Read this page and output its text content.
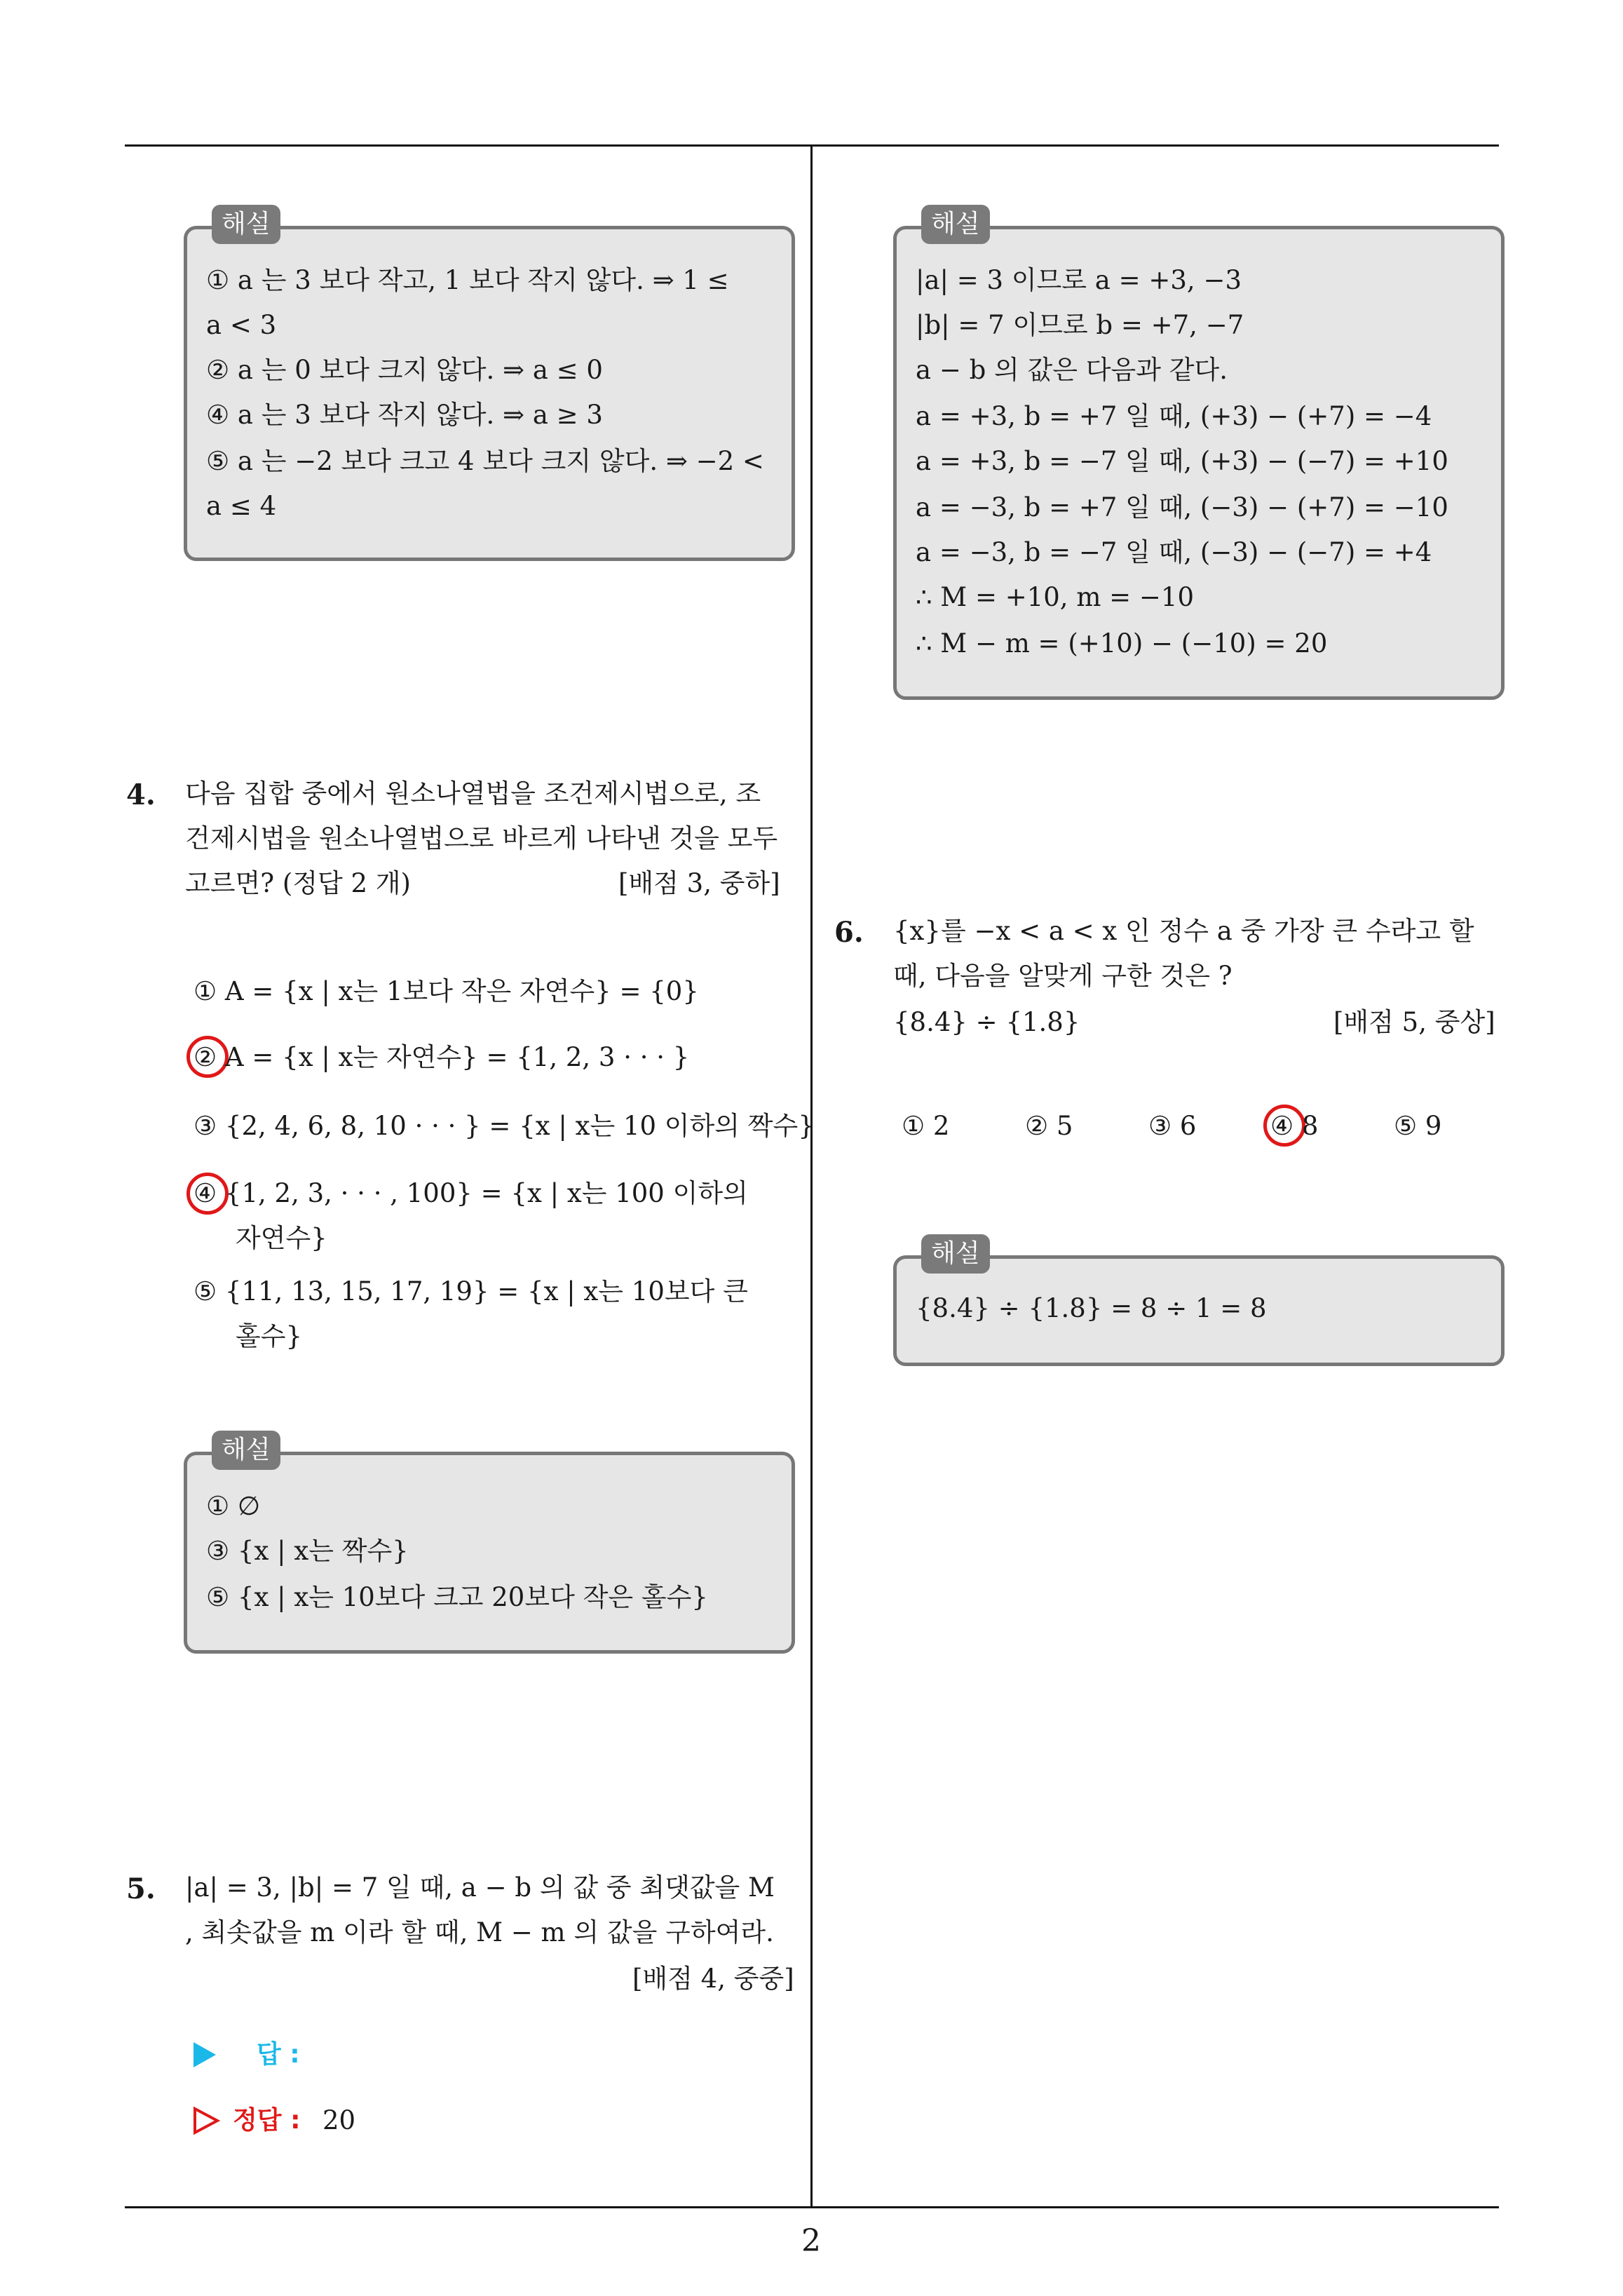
2
해설
① a 는 3 보다 작고, 1 보다 작지 않다. ⇒ 1 ≤
a < 3
② a 는 0 보다 크지 않다. ⇒ a ≤ 0
④ a 는 3 보다 작지 않다. ⇒ a ≥ 3
⑤ a 는 −2 보다 크고 4 보다 크지 않다. ⇒ −2 <
a ≤ 4
4. 다음 집합 중에서 원소나열법을 조건제시법으로, 조
건제시법을 원소나열법으로 바르게 나타낸 것을 모두
고르면? (정답 2 개)	[배점 3, 중하]
① A = {x | x는 1보다 작은 자연수} = {0}
② A = {x | x는 자연수} = {1, 2, 3 · · · }
③ {2, 4, 6, 8, 10 · · · } = {x | x는 10 이하의 짝수}
④ {1, 2, 3, · · · , 100} = {x | x는 100 이하의
자연수}
⑤ {11, 13, 15, 17, 19} = {x | x는 10보다 큰
홀수}
해설
① ∅
③ {x | x는 짝수}
⑤ {x | x는 10보다 크고 20보다 작은 홀수}
5. |a| = 3, |b| = 7 일 때, a − b 의 값 중 최댓값을 M
, 최솟값을 m 이라 할 때, M − m 의 값을 구하여라.
[배점 4, 중중]
답 :
정답 : 20
해설
|a| = 3 이므로 a = +3, −3
|b| = 7 이므로 b = +7, −7
a − b 의 값은 다음과 같다.
a = +3, b = +7 일 때, (+3) − (+7) = −4
a = +3, b = −7 일 때, (+3) − (−7) = +10
a = −3, b = +7 일 때, (−3) − (+7) = −10
a = −3, b = −7 일 때, (−3) − (−7) = +4
∴ M = +10, m = −10
∴ M − m = (+10) − (−10) = 20
6. {x}를 −x < a < x 인 정수 a 중 가장 큰 수라고 할
때, 다음을 알맞게 구한 것은 ?
{8.4} ÷ {1.8}	[배점 5, 중상]
① 2	② 5	③ 6	④ 8	⑤ 9
해설
{8.4} ÷ {1.8} = 8 ÷ 1 = 8
